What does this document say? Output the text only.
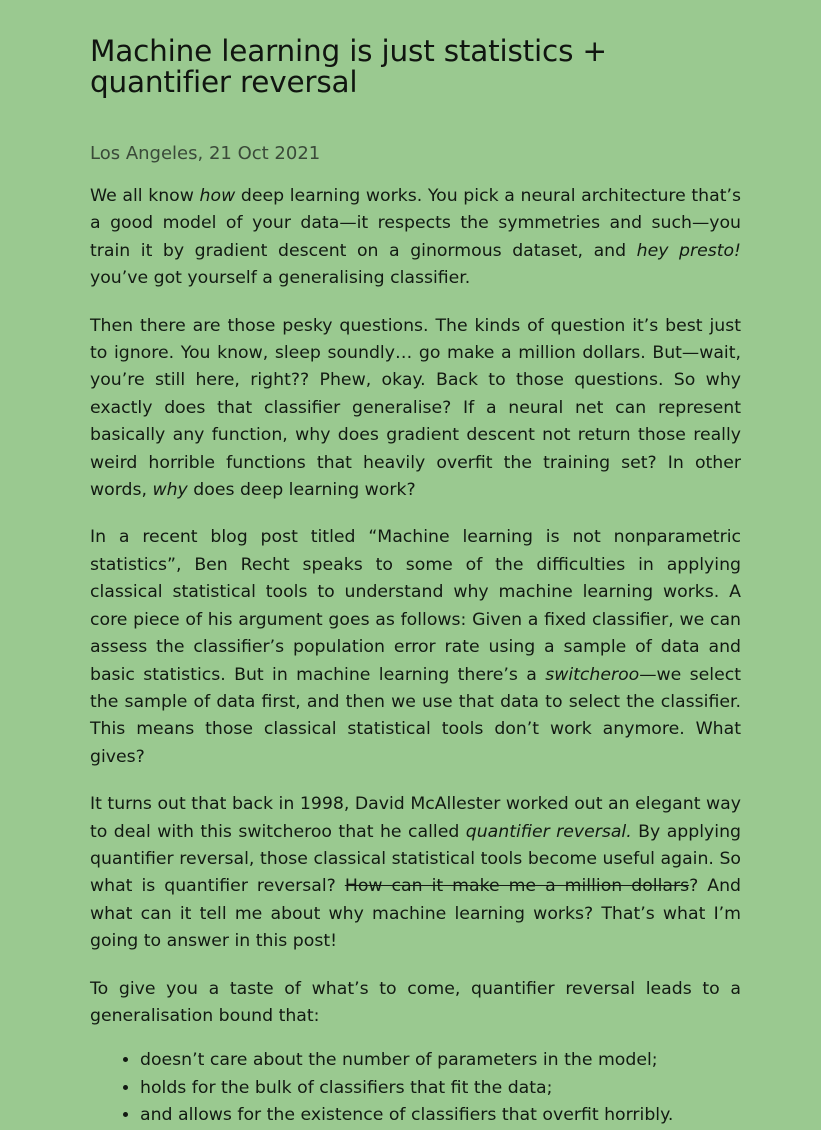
Machine learning is just statistics + quantifier reversal
Los Angeles, 21 Oct 2021

We all know how deep learning works. You pick a neural architecture that’s a good model of your data—it respects the symmetries and such—you train it by gradient descent on a ginormous dataset, and hey presto! you’ve got yourself a generalising classifier.

Then there are those pesky questions. The kinds of question it’s best just to ignore. You know, sleep soundly… go make a million dollars. But—wait, you’re still here, right?? Phew, okay. Back to those questions. So why exactly does that classifier generalise? If a neural net can represent basically any function, why does gradient descent not return those really weird horrible functions that heavily overfit the training set? In other words, why does deep learning work?

In a recent blog post titled “Machine learning is not nonparametric statistics”, Ben Recht speaks to some of the difficulties in applying classical statistical tools to understand why machine learning works. A core piece of his argument goes as follows: Given a fixed classifier, we can assess the classifier’s population error rate using a sample of data and basic statistics. But in machine learning there’s a switcheroo—we select the sample of data first, and then we use that data to select the classifier. This means those classical statistical tools don’t work anymore. What gives?

It turns out that back in 1998, David McAllester worked out an elegant way to deal with this switcheroo that he called quantifier reversal. By applying quantifier reversal, those classical statistical tools become useful again. So what is quantifier reversal? How can it make me a million dollars? And what can it tell me about why machine learning works? That’s what I’m going to answer in this post!

To give you a taste of what’s to come, quantifier reversal leads to a generalisation bound that:

• doesn’t care about the number of parameters in the model;
• holds for the bulk of classifiers that fit the data;
• and allows for the existence of classifiers that overfit horribly.
